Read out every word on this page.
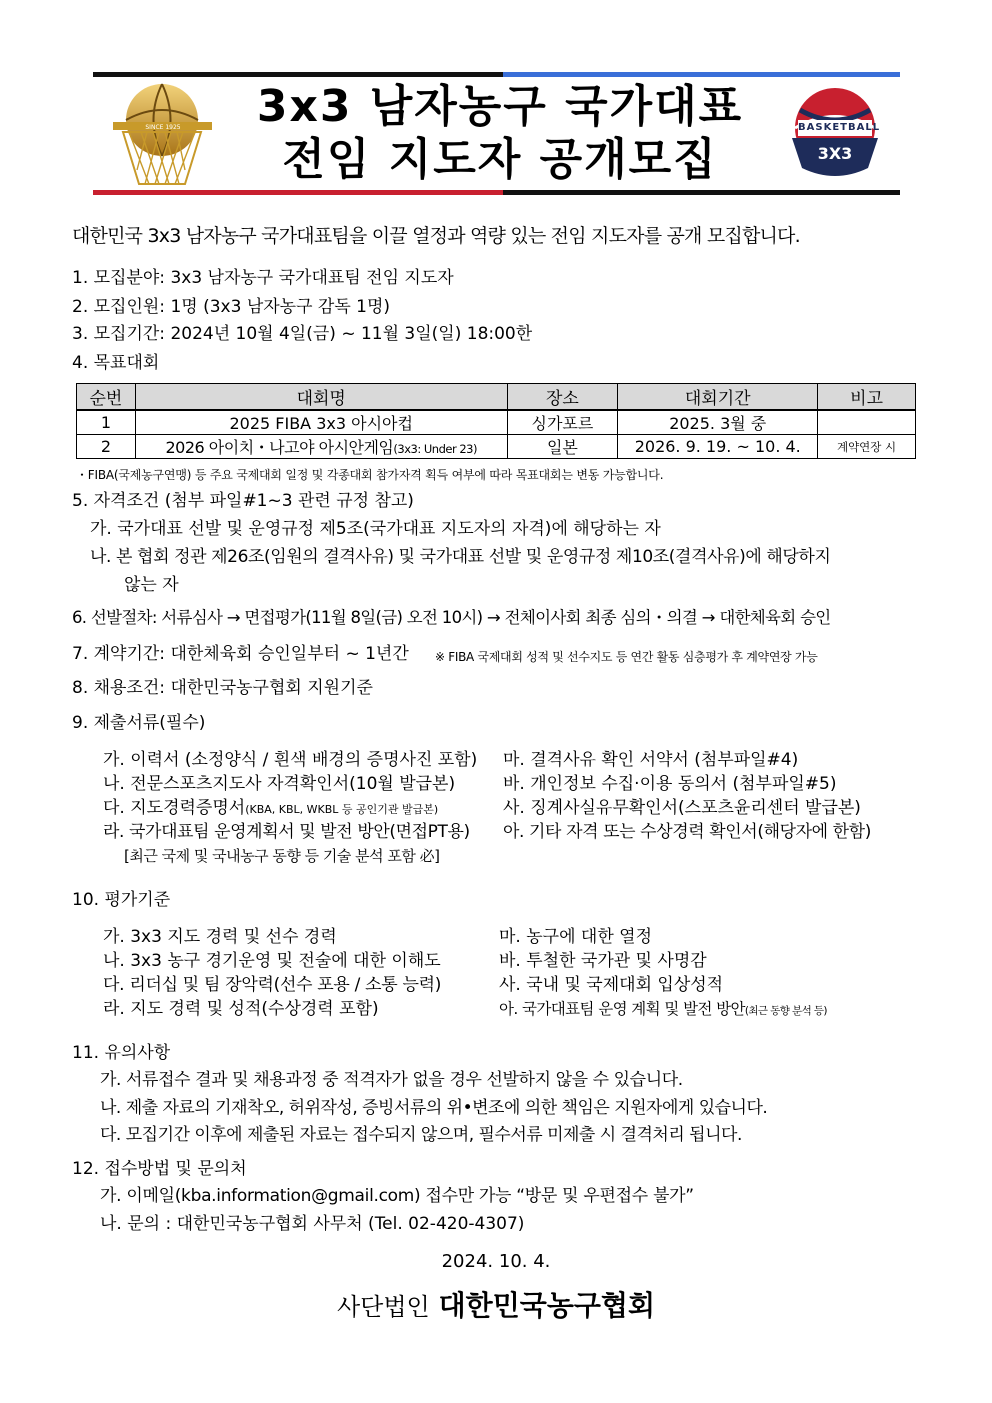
SINCE 1925 3x3 남자농구 국가대표
전임 지도자 공개모집
BASKETBALL
3X3
대한민국 3x3 남자농구 국가대표팀을 이끌 열정과 역량 있는 전임 지도자를 공개 모집합니다.
1. 모집분야: 3x3 남자농구 국가대표팀 전임 지도자
2. 모집인원: 1명 (3x3 남자농구 감독 1명)
3. 모집기간: 2024년 10월 4일(금) ~ 11월 3일(일) 18:00한
4. 목표대회
순번	대회명	장소	대회기간	비고
1	2025 FIBA 3x3 아시아컵	싱가포르	2025. 3월 중	
2	2026 아이치・나고야 아시안게임(3x3: Under 23)	일본	2026. 9. 19. ~ 10. 4.	계약연장 시
・FIBA(국제농구연맹) 등 주요 국제대회 일정 및 각종대회 참가자격 획득 여부에 따라 목표대회는 변동 가능합니다.
5. 자격조건 (첨부 파일#1~3 관련 규정 참고)
가. 국가대표 선발 및 운영규정 제5조(국가대표 지도자의 자격)에 해당하는 자
나. 본 협회 정관 제26조(임원의 결격사유) 및 국가대표 선발 및 운영규정 제10조(결격사유)에 해당하지
않는 자
6. 선발절차: 서류심사 → 면접평가(11월 8일(금) 오전 10시) → 전체이사회 최종 심의・의결 → 대한체육회 승인
7. 계약기간: 대한체육회 승인일부터 ~ 1년간 ※ FIBA 국제대회 성적 및 선수지도 등 연간 활동 심층평가 후 계약연장 가능
8. 채용조건: 대한민국농구협회 지원기준
9. 제출서류(필수)
가. 이력서 (소정양식 / 흰색 배경의 증명사진 포함)
나. 전문스포츠지도사 자격확인서(10월 발급본)
다. 지도경력증명서(KBA, KBL, WKBL 등 공인기관 발급본)
라. 국가대표팀 운영계획서 및 발전 방안(면접PT용)
[최근 국제 및 국내농구 동향 등 기술 분석 포함 必]
마. 결격사유 확인 서약서 (첨부파일#4)
바. 개인정보 수집·이용 동의서 (첨부파일#5)
사. 징계사실유무확인서(스포츠윤리센터 발급본)
아. 기타 자격 또는 수상경력 확인서(해당자에 한함)
10. 평가기준
가. 3x3 지도 경력 및 선수 경력
나. 3x3 농구 경기운영 및 전술에 대한 이해도
다. 리더십 및 팀 장악력(선수 포용 / 소통 능력)
라. 지도 경력 및 성적(수상경력 포함)
마. 농구에 대한 열정
바. 투철한 국가관 및 사명감
사. 국내 및 국제대회 입상성적
아. 국가대표팀 운영 계획 및 발전 방안(최근 동향 분석 등)
11. 유의사항
가. 서류접수 결과 및 채용과정 중 적격자가 없을 경우 선발하지 않을 수 있습니다.
나. 제출 자료의 기재착오, 허위작성, 증빙서류의 위•변조에 의한 책임은 지원자에게 있습니다.
다. 모집기간 이후에 제출된 자료는 접수되지 않으며, 필수서류 미제출 시 결격처리 됩니다.
12. 접수방법 및 문의처
가. 이메일(kba.information@gmail.com) 접수만 가능 “방문 및 우편접수 불가”
나. 문의 : 대한민국농구협회 사무처 (Tel. 02-420-4307)
2024. 10. 4.
사단법인 대한민국농구협회
